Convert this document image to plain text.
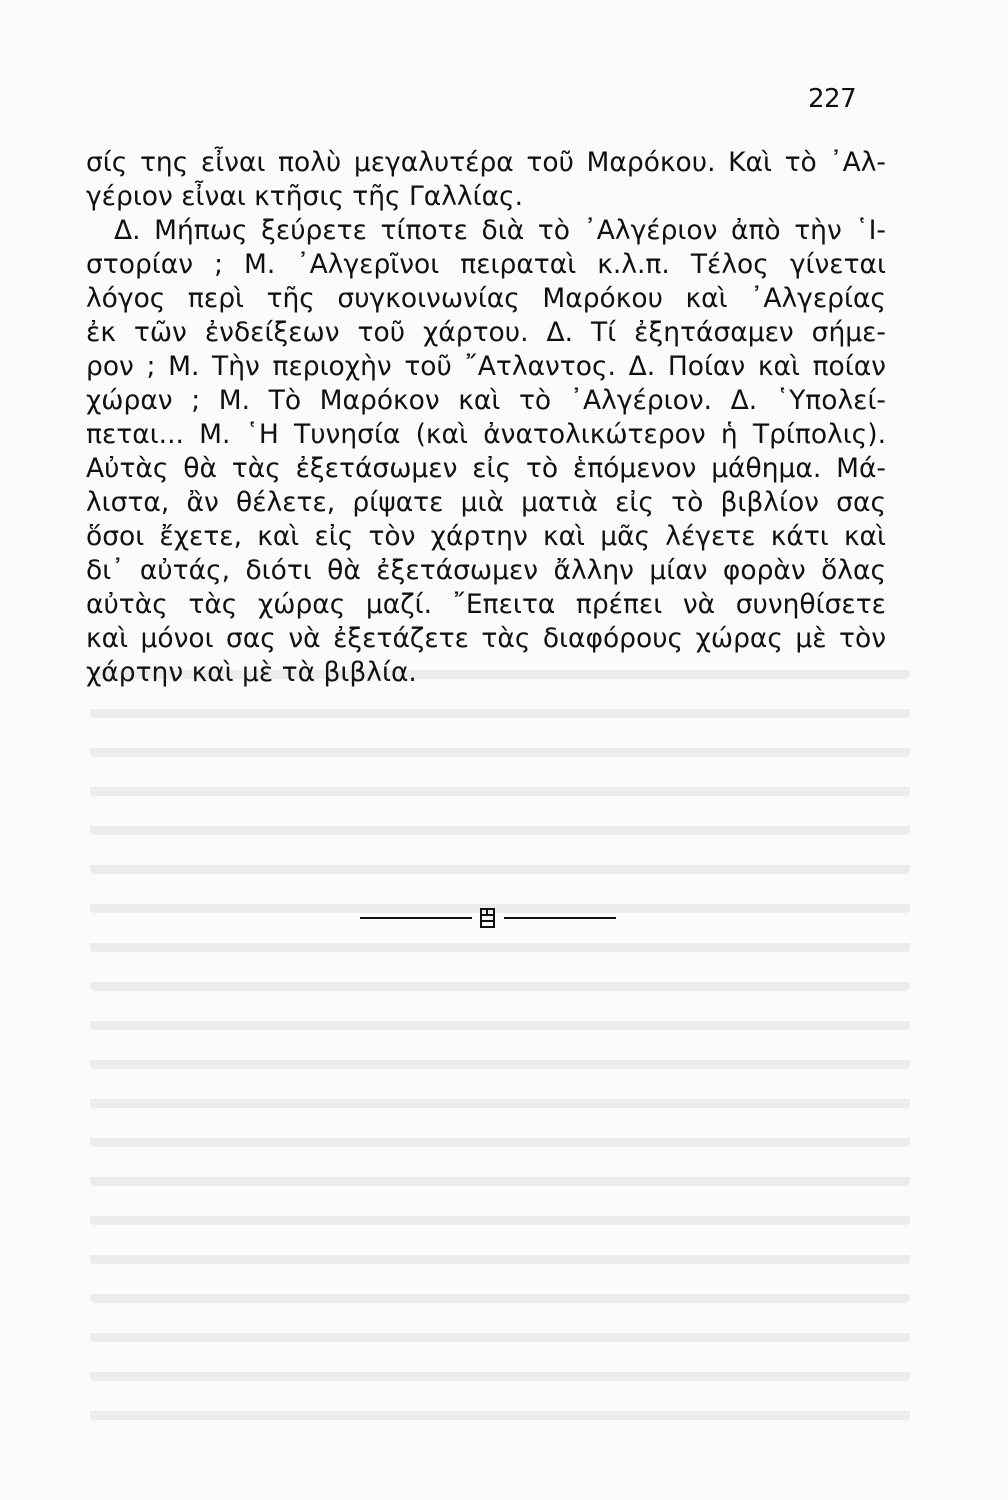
227
σίς της εἶναι πολὺ μεγαλυτέρα τοῦ Μαρόκου. Καὶ τὸ ᾿Αλ-
γέριον εἶναι κτῆσις τῆς Γαλλίας.
Δ. Μήπως ξεύρετε τίποτε διὰ τὸ ᾿Αλγέριον ἀπὸ τὴν ῾Ι-
στορίαν ; Μ. ᾿Αλγερῖνοι πειραταὶ κ.λ.π. Τέλος γίνεται
λόγος περὶ τῆς συγκοινωνίας Μαρόκου καὶ ᾿Αλγερίας
ἐκ τῶν ἐνδείξεων τοῦ χάρτου. Δ. Τί ἐξητάσαμεν σήμε-
ρον ; Μ. Τὴν περιοχὴν τοῦ ῎Ατλαντος. Δ. Ποίαν καὶ ποίαν
χώραν ; Μ. Τὸ Μαρόκον καὶ τὸ ᾿Αλγέριον. Δ. ῾Υπολεί-
πεται... Μ. ῾Η Τυνησία (καὶ ἀνατολικώτερον ἡ Τρίπολις).
Αὐτὰς θὰ τὰς ἐξετάσωμεν εἰς τὸ ἑπόμενον μάθημα. Μά-
λιστα, ἂν θέλετε, ρίψατε μιὰ ματιὰ εἰς τὸ βιβλίον σας
ὅσοι ἔχετε, καὶ εἰς τὸν χάρτην καὶ μᾶς λέγετε κάτι καὶ
δι᾿ αὐτάς, διότι θὰ ἐξετάσωμεν ἄλλην μίαν φορὰν ὅλας
αὐτὰς τὰς χώρας μαζί. ῎Επειτα πρέπει νὰ συνηθίσετε
καὶ μόνοι σας νὰ ἐξετάζετε τὰς διαφόρους χώρας μὲ τὸν
χάρτην καὶ μὲ τὰ βιβλία.
